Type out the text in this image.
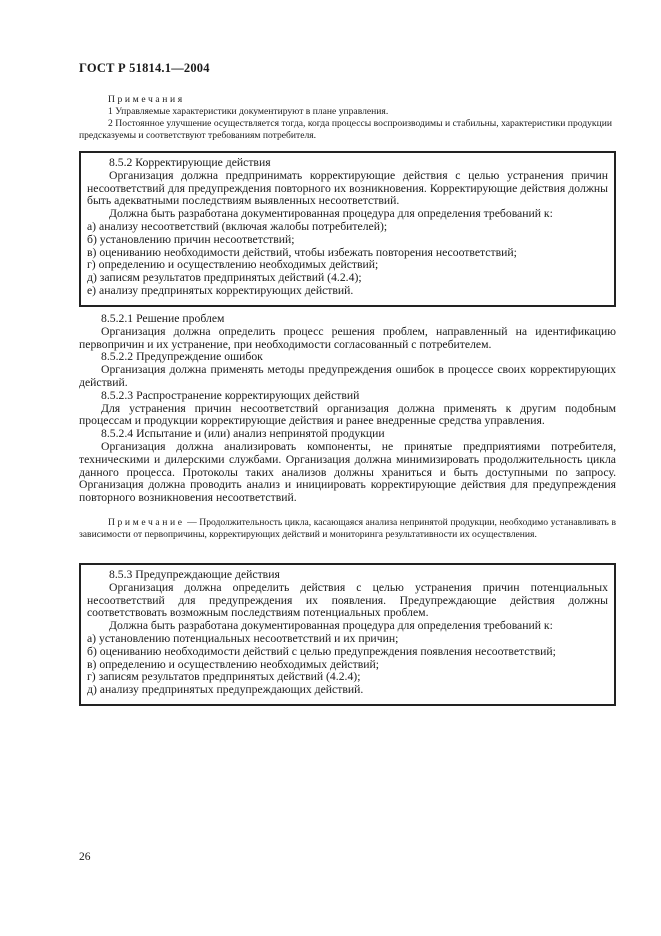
ГОСТ Р 51814.1—2004
Примечания
1 Управляемые характеристики документируют в плане управления.
2 Постоянное улучшение осуществляется тогда, когда процессы воспроизводимы и стабильны, характеристики продукции предсказуемы и соответствуют требованиям потребителя.

8.5.2 Корректирующие действия

Организация должна предпринимать корректирующие действия с целью устранения причин несоответствий для предупреждения повторного их возникновения. Корректирующие действия должны быть адекватными последствиям выявленных несоответствий.

Должна быть разработана документированная процедура для определения требований к:

а) анализу несоответствий (включая жалобы потребителей);

б) установлению причин несоответствий;

в) оцениванию необходимости действий, чтобы избежать повторения несоответствий;

г) определению и осуществлению необходимых действий;

д) записям результатов предпринятых действий (4.2.4);

е) анализу предпринятых корректирующих действий.

8.5.2.1 Решение проблем

Организация должна определить процесс решения проблем, направленный на идентификацию первопричин и их устранение, при необходимости согласованный с потребителем.

8.5.2.2 Предупреждение ошибок

Организация должна применять методы предупреждения ошибок в процессе своих корректирующих действий.

8.5.2.3 Распространение корректирующих действий

Для устранения причин несоответствий организация должна применять к другим подобным процессам и продукции корректирующие действия и ранее внедренные средства управления.

8.5.2.4 Испытание и (или) анализ непринятой продукции

Организация должна анализировать компоненты, не принятые предприятиями потребителя, техническими и дилерскими службами. Организация должна минимизировать продолжительность цикла данного процесса. Протоколы таких анализов должны храниться и быть доступными по запросу. Организация должна проводить анализ и инициировать корректирующие действия для предупреждения повторного возникновения несоответствий.

Примечание — Продолжительность цикла, касающаяся анализа непринятой продукции, необходимо устанавливать в зависимости от первопричины, корректирующих действий и мониторинга результативности их осуществления.

8.5.3 Предупреждающие действия

Организация должна определить действия с целью устранения причин потенциальных несоответствий для предупреждения их появления. Предупреждающие действия должны соответствовать возможным последствиям потенциальных проблем.

Должна быть разработана документированная процедура для определения требований к:

а) установлению потенциальных несоответствий и их причин;

б) оцениванию необходимости действий с целью предупреждения появления несоответствий;

в) определению и осуществлению необходимых действий;

г) записям результатов предпринятых действий (4.2.4);

д) анализу предпринятых предупреждающих действий.

26
